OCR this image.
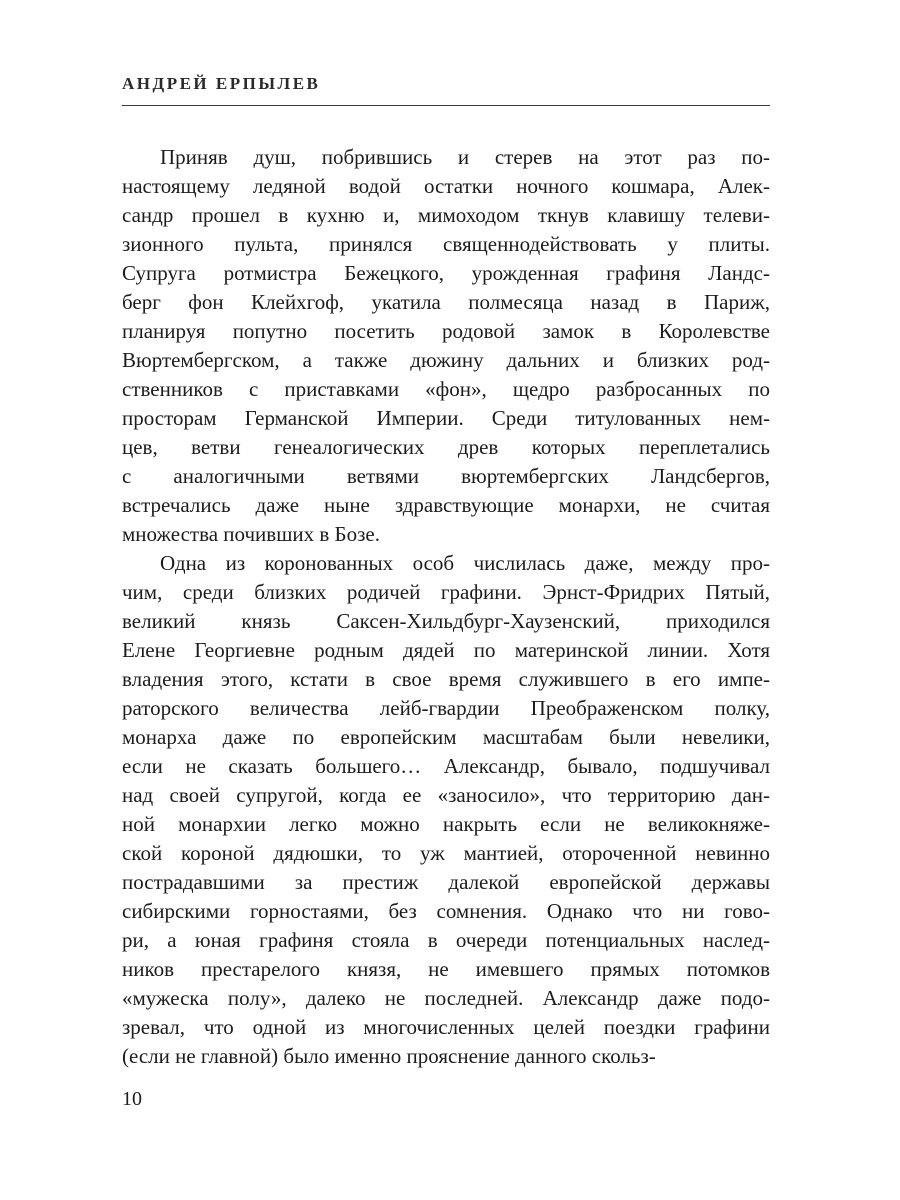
АНДРЕЙ ЕРПЫЛЕВ

Приняв душ, побрившись и стерев на этот раз по-
настоящему ледяной водой остатки ночного кошмара, Алек-
сандр прошел в кухню и, мимоходом ткнув клавишу телеви-
зионного пульта, принялся священнодействовать у плиты.
Супруга ротмистра Бежецкого, урожденная графиня Ландс-
берг фон Клейхгоф, укатила полмесяца назад в Париж,
планируя попутно посетить родовой замок в Королевстве
Вюртембергском, а также дюжину дальних и близких род-
ственников с приставками «фон», щедро разбросанных по
просторам Германской Империи. Среди титулованных нем-
цев, ветви генеалогических древ которых переплетались
с аналогичными ветвями вюртембергских Ландсбергов,
встречались даже ныне здравствующие монархи, не считая
множества почивших в Бозе.

Одна из коронованных особ числилась даже, между про-
чим, среди близких родичей графини. Эрнст-Фридрих Пятый,
великий князь Саксен-Хильдбург-Хаузенский, приходился
Елене Георгиевне родным дядей по материнской линии. Хотя
владения этого, кстати в свое время служившего в его импе-
раторского величества лейб-гвардии Преображенском полку,
монарха даже по европейским масштабам были невелики,
если не сказать большего… Александр, бывало, подшучивал
над своей супругой, когда ее «заносило», что территорию дан-
ной монархии легко можно накрыть если не великокняже-
ской короной дядюшки, то уж мантией, отороченной невинно
пострадавшими за престиж далекой европейской державы
сибирскими горностаями, без сомнения. Однако что ни гово-
ри, а юная графиня стояла в очереди потенциальных наслед-
ников престарелого князя, не имевшего прямых потомков
«мужеска полу», далеко не последней. Александр даже подо-
зревал, что одной из многочисленных целей поездки графини
(если не главной) было именно прояснение данного скольз-

10
